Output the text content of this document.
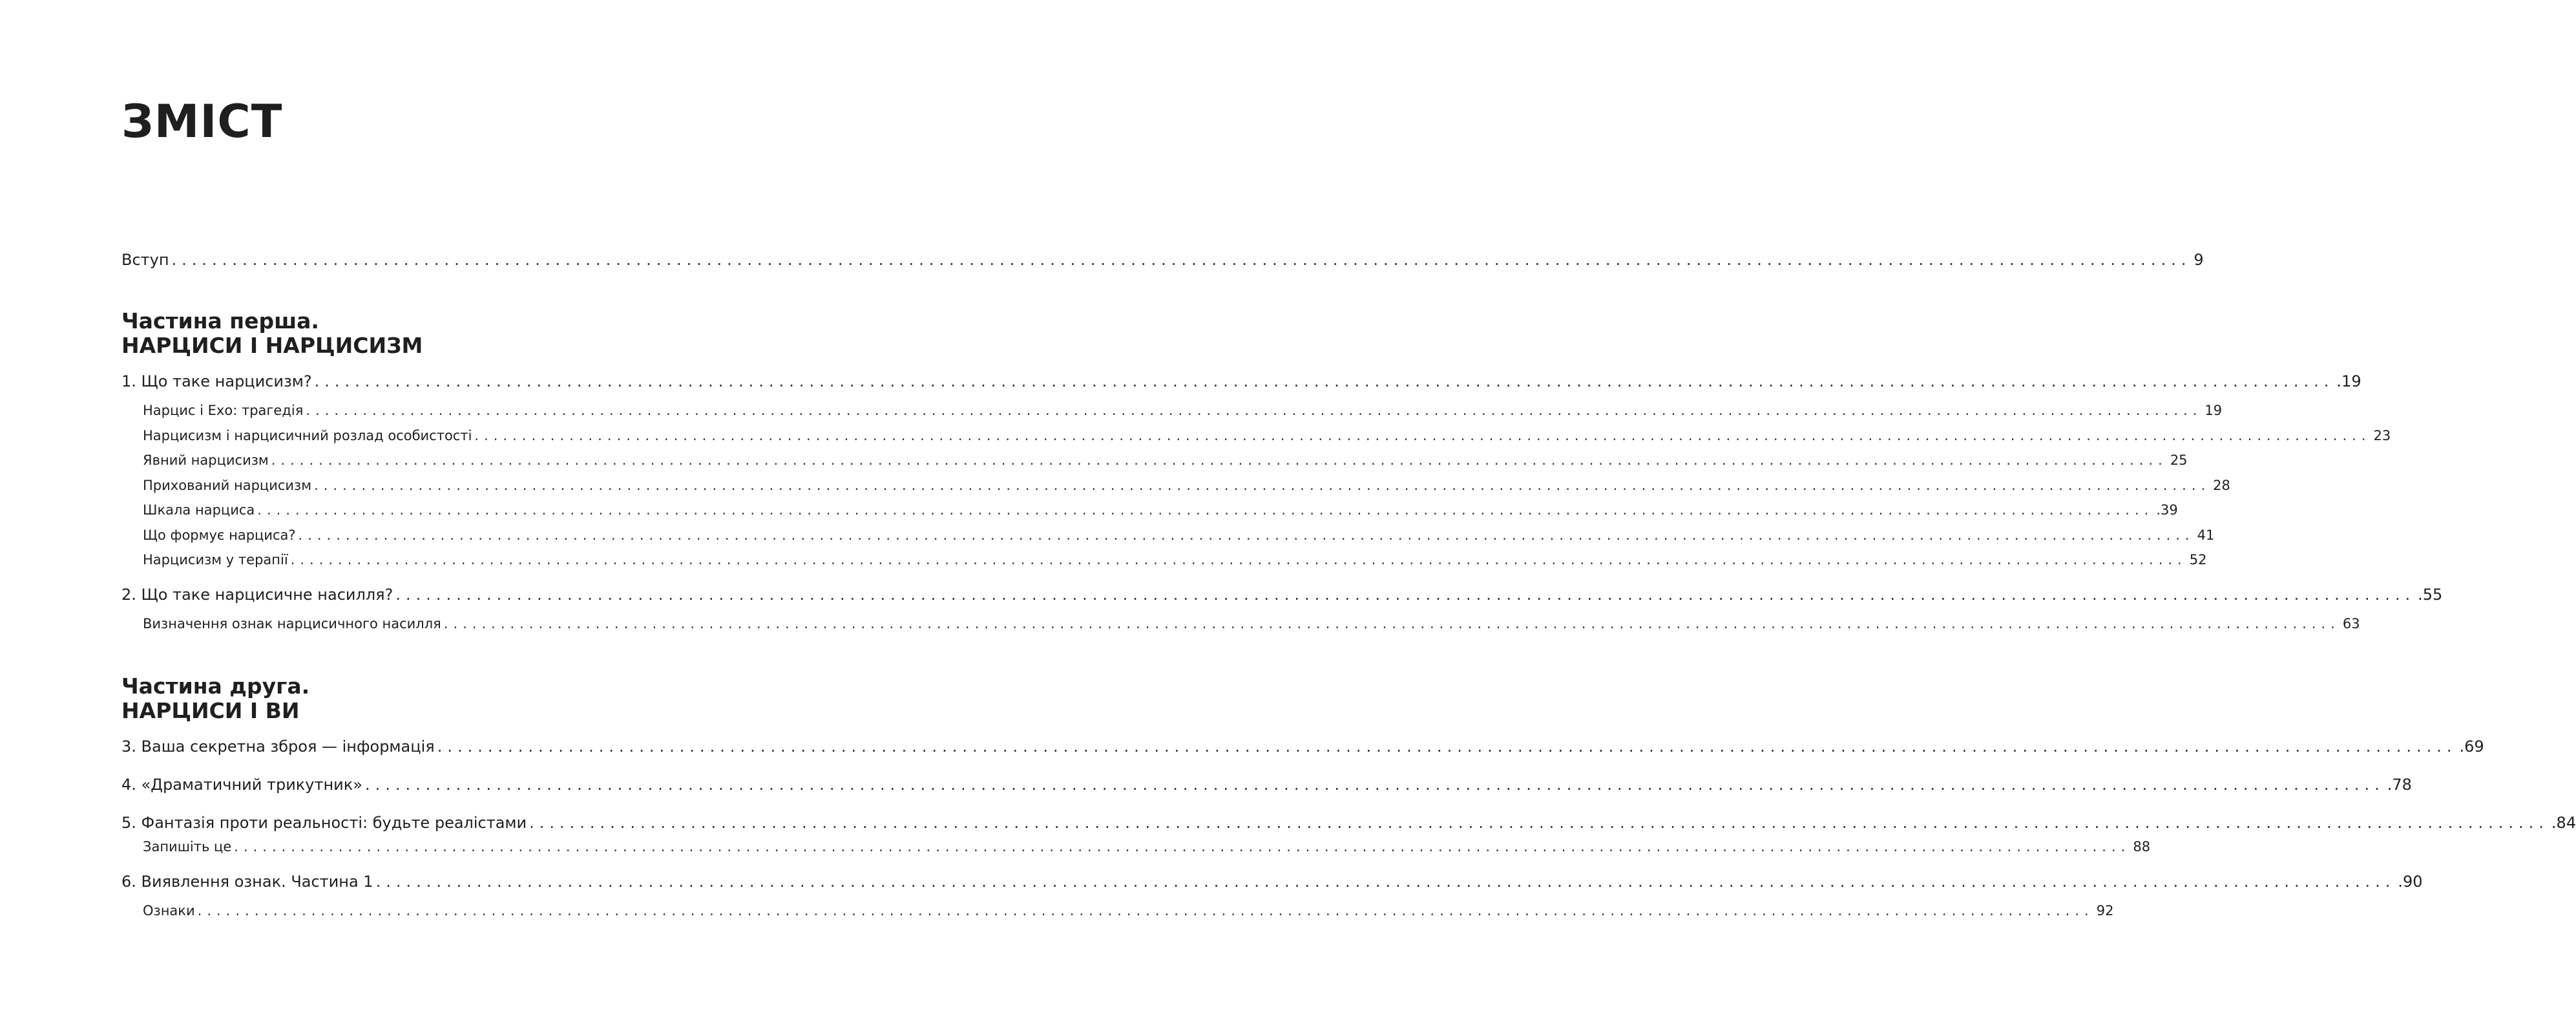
ЗМІСТ
Вступ ........................................................................................................................................................................................................ 9
Частина перша.
НАРЦИСИ І НАРЦИСИЗМ
1. Що таке нарцисизм? ........................................................................................................................................................................................................ .19
Нарцис і Ехо: трагедія ........................................................................................................................................................................................................ 19
Нарцисизм і нарцисичний розлад особистості ........................................................................................................................................................................................................ 23
Явний нарцисизм ........................................................................................................................................................................................................ 25
Прихований нарцисизм ........................................................................................................................................................................................................ 28
Шкала нарциса ........................................................................................................................................................................................................ .39
Що формує нарциса? ........................................................................................................................................................................................................ 41
Нарцисизм у терапії ........................................................................................................................................................................................................ 52
2. Що таке нарцисичне насилля? ........................................................................................................................................................................................................ .55
Визначення ознак нарцисичного насилля ........................................................................................................................................................................................................ 63
Частина друга.
НАРЦИСИ І ВИ
3. Ваша секретна зброя — інформація ........................................................................................................................................................................................................ .69
4. «Драматичний трикутник» ........................................................................................................................................................................................................ .78
5. Фантазія проти реальності: будьте реалістами ........................................................................................................................................................................................................ .84
Запишіть це ........................................................................................................................................................................................................ 88
6. Виявлення ознак. Частина 1 ........................................................................................................................................................................................................ .90
Ознаки ........................................................................................................................................................................................................ 92
